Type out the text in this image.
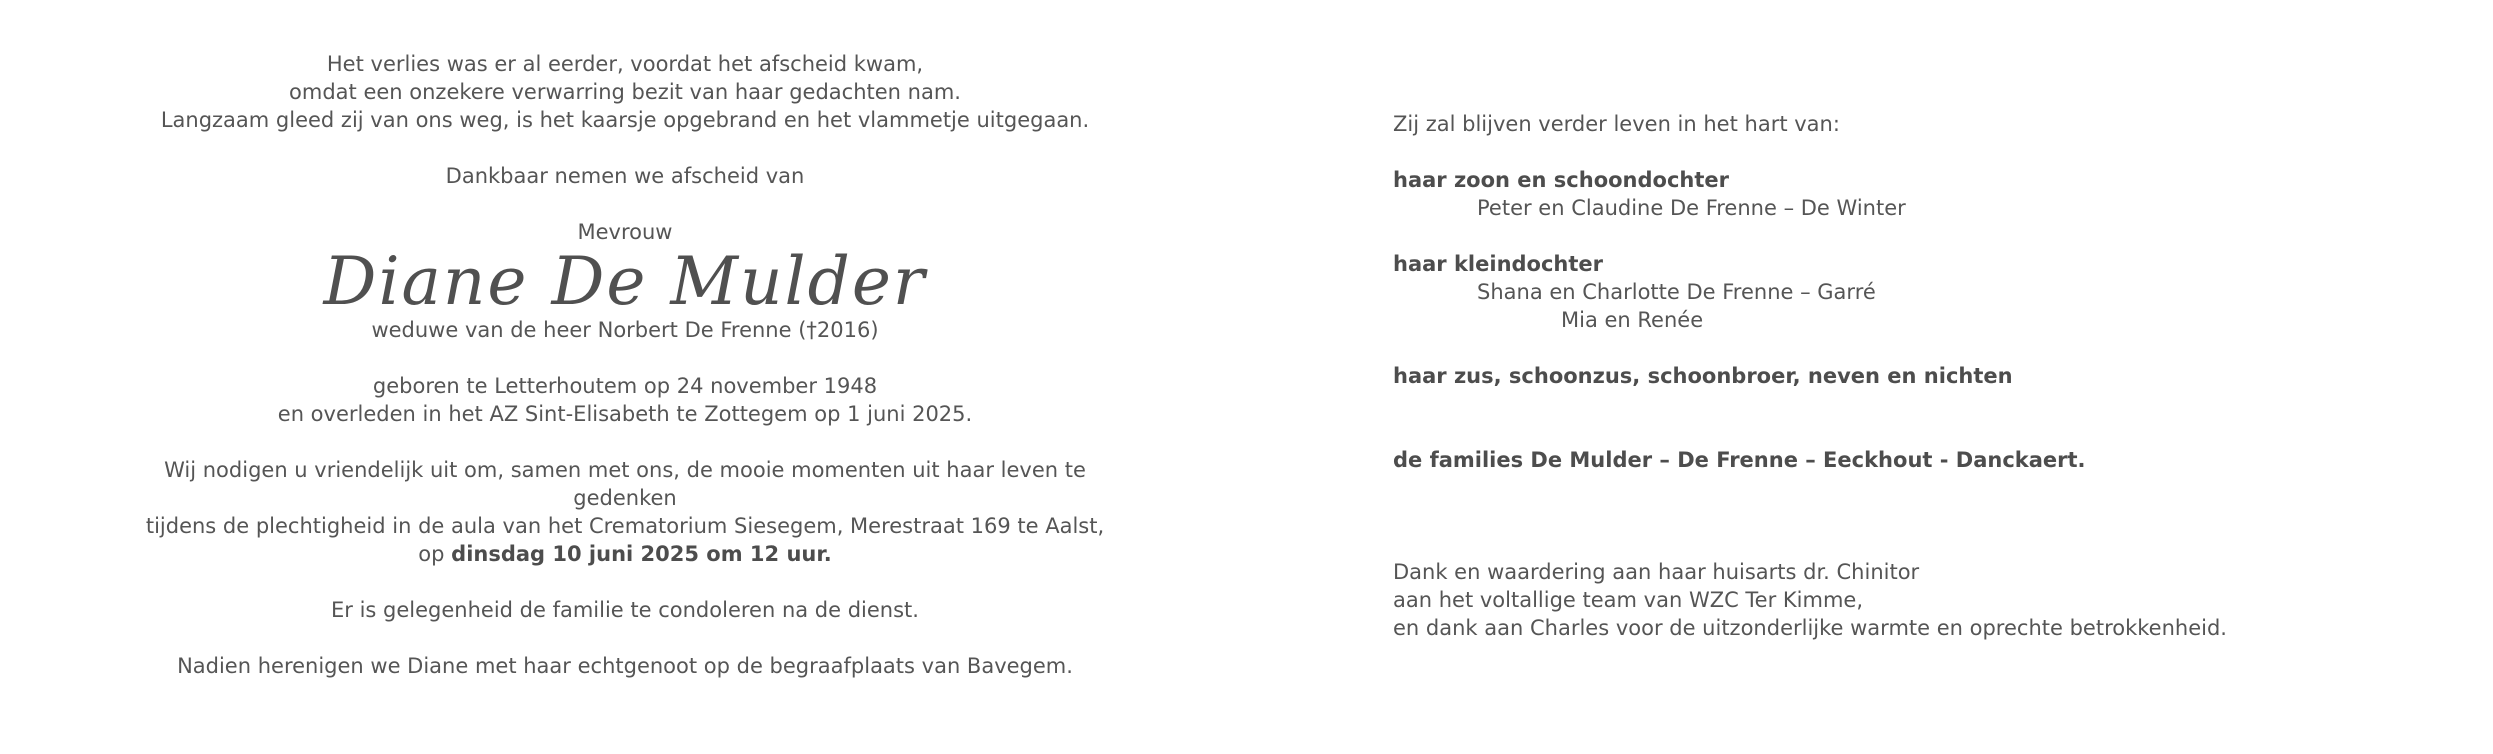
Het verlies was er al eerder, voordat het afscheid kwam,

omdat een onzekere verwarring bezit van haar gedachten nam.

Langzaam gleed zij van ons weg, is het kaarsje opgebrand en het vlammetje uitgegaan.

Dankbaar nemen we afscheid van

Mevrouw

Diane De Mulder

weduwe van de heer Norbert De Frenne (†2016)

geboren te Letterhoutem op 24 november 1948

en overleden in het AZ Sint-Elisabeth te Zottegem op 1 juni 2025.

Wij nodigen u vriendelijk uit om, samen met ons, de mooie momenten uit haar leven te gedenken

tijdens de plechtigheid in de aula van het Crematorium Siesegem, Merestraat 169 te Aalst,

op dinsdag 10 juni 2025 om 12 uur.

Er is gelegenheid de familie te condoleren na de dienst.

Nadien herenigen we Diane met haar echtgenoot op de begraafplaats van Bavegem.

Zij zal blijven verder leven in het hart van:

haar zoon en schoondochter

Peter en Claudine De Frenne – De Winter

haar kleindochter

Shana en Charlotte De Frenne – Garré

Mia en Renée

haar zus, schoonzus, schoonbroer, neven en nichten

de families De Mulder – De Frenne – Eeckhout - Danckaert.

Dank en waardering aan haar huisarts dr. Chinitor

aan het voltallige team van WZC Ter Kimme,

en dank aan Charles voor de uitzonderlijke warmte en oprechte betrokkenheid.
